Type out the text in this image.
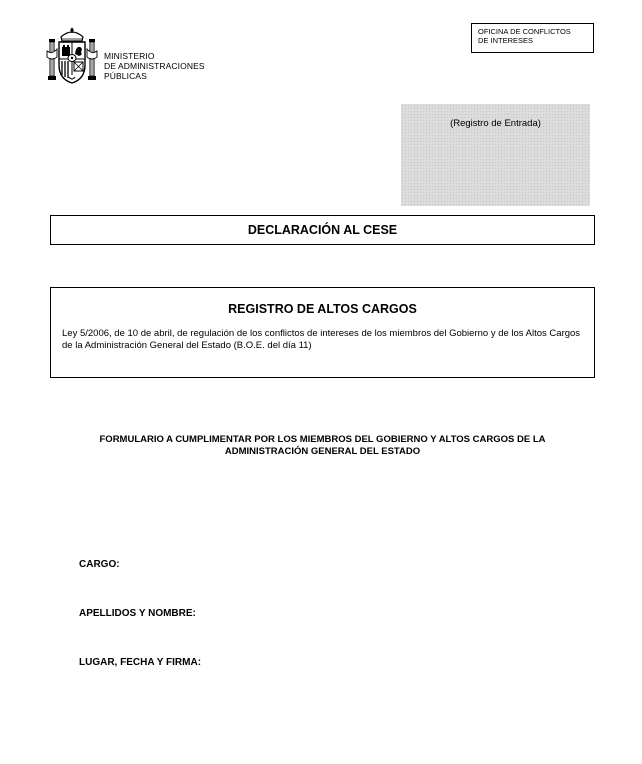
MINISTERIO
DE ADMINISTRACIONES
PÚBLICAS
OFICINA DE CONFLICTOS
DE INTERESES
(Registro de Entrada)
DECLARACIÓN AL CESE
REGISTRO DE ALTOS CARGOS
Ley 5/2006, de 10 de abril, de regulación de los conflictos de intereses de los miembros del Gobierno y de los Altos Cargos de la Administración General del Estado (B.O.E. del día 11)
FORMULARIO A CUMPLIMENTAR POR LOS MIEMBROS DEL GOBIERNO Y ALTOS CARGOS DE LA
ADMINISTRACIÓN GENERAL DEL ESTADO
CARGO:
APELLIDOS Y NOMBRE:
LUGAR, FECHA Y FIRMA:
